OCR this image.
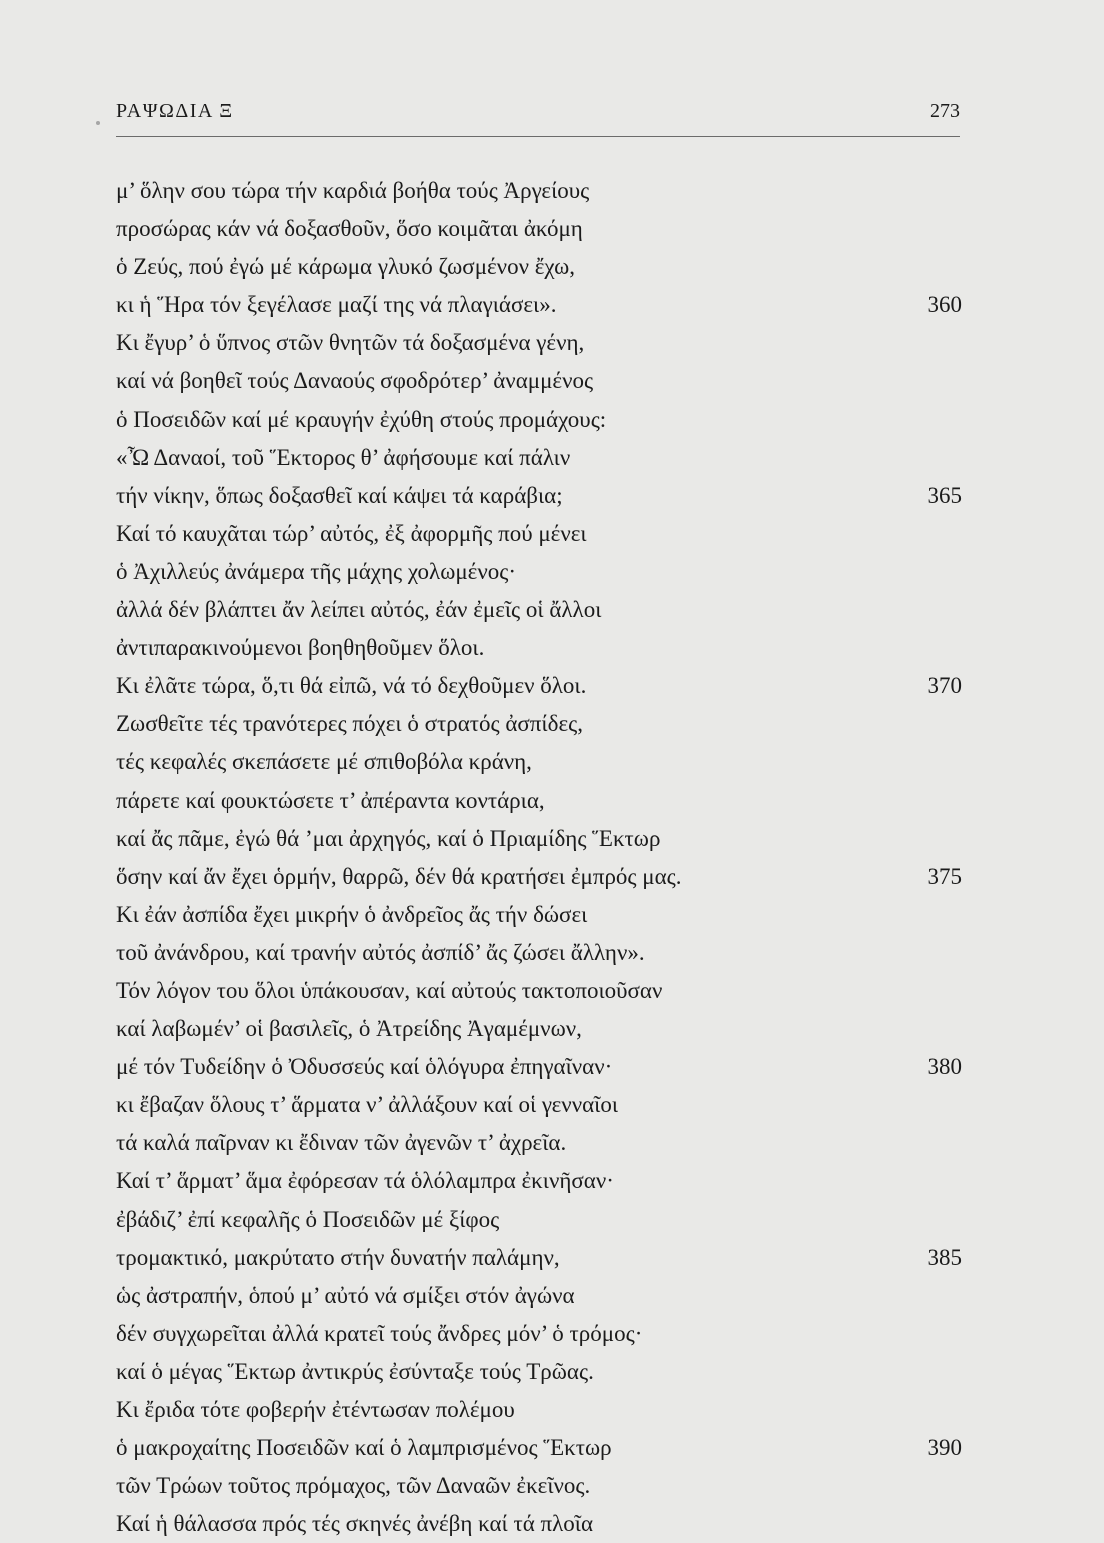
ΡΑΨΩΔΙΑ Ξ	273
μ’ ὅλην σου τώρα τήν καρδιά βοήθα τούς Ἀργείους
προσώρας κάν νά δοξασθοῦν, ὅσο κοιμᾶται ἀκόμη
ὁ Ζεύς, πού ἐγώ μέ κάρωμα γλυκό ζωσμένον ἔχω,
κι ἡ Ἥρα τόν ξεγέλασε μαζί της νά πλαγιάσει».	360
Κι ἔγυρ’ ὁ ὕπνος στῶν θνητῶν τά δοξασμένα γένη,
καί νά βοηθεῖ τούς Δαναούς σφοδρότερ’ ἀναμμένος
ὁ Ποσειδῶν καί μέ κραυγήν ἐχύθη στούς προμάχους:
«Ὦ Δαναοί, τοῦ Ἕκτορος θ’ ἀφήσουμε καί πάλιν
τήν νίκην, ὅπως δοξασθεῖ καί κάψει τά καράβια;	365
Καί τό καυχᾶται τώρ’ αὐτός, ἐξ ἀφορμῆς πού μένει
ὁ Ἀχιλλεύς ἀνάμερα τῆς μάχης χολωμένος·
ἀλλά δέν βλάπτει ἄν λείπει αὐτός, ἐάν ἐμεῖς οἱ ἄλλοι
ἀντιπαρακινούμενοι βοηθηθοῦμεν ὅλοι.
Κι ἐλᾶτε τώρα, ὅ,τι θά εἰπῶ, νά τό δεχθοῦμεν ὅλοι.	370
Ζωσθεῖτε τές τρανότερες πόχει ὁ στρατός ἀσπίδες,
τές κεφαλές σκεπάσετε μέ σπιθοβόλα κράνη,
πάρετε καί φουκτώσετε τ’ ἀπέραντα κοντάρια,
καί ἄς πᾶμε, ἐγώ θά ’μαι ἀρχηγός, καί ὁ Πριαμίδης Ἕκτωρ
ὅσην καί ἄν ἔχει ὁρμήν, θαρρῶ, δέν θά κρατήσει ἐμπρός μας.	375
Κι ἐάν ἀσπίδα ἔχει μικρήν ὁ ἀνδρεῖος ἄς τήν δώσει
τοῦ ἀνάνδρου, καί τρανήν αὐτός ἀσπίδ’ ἄς ζώσει ἄλλην».
Τόν λόγον του ὅλοι ὑπάκουσαν, καί αὐτούς τακτοποιοῦσαν
καί λαβωμέν’ οἱ βασιλεῖς, ὁ Ἀτρείδης Ἀγαμέμνων,
μέ τόν Τυδείδην ὁ Ὀδυσσεύς καί ὁλόγυρα ἐπηγαῖναν·	380
κι ἔβαζαν ὅλους τ’ ἅρματα ν’ ἀλλάξουν καί οἱ γενναῖοι
τά καλά παῖρναν κι ἔδιναν τῶν ἀγενῶν τ’ ἀχρεῖα.
Καί τ’ ἅρματ’ ἅμα ἐφόρεσαν τά ὁλόλαμπρα ἐκινῆσαν·
ἐβάδιζ’ ἐπί κεφαλῆς ὁ Ποσειδῶν μέ ξίφος
τρομακτικό, μακρύτατο στήν δυνατήν παλάμην,	385
ὡς ἀστραπήν, ὁπού μ’ αὐτό νά σμίξει στόν ἀγώνα
δέν συγχωρεῖται ἀλλά κρατεῖ τούς ἄνδρες μόν’ ὁ τρόμος·
καί ὁ μέγας Ἕκτωρ ἀντικρύς ἐσύνταξε τούς Τρῶας.
Κι ἔριδα τότε φοβερήν ἐτέντωσαν πολέμου
ὁ μακροχαίτης Ποσειδῶν καί ὁ λαμπρισμένος Ἕκτωρ	390
τῶν Τρώων τοῦτος πρόμαχος, τῶν Δαναῶν ἐκεῖνος.
Καί ἡ θάλασσα πρός τές σκηνές ἀνέβη καί τά πλοῖα
